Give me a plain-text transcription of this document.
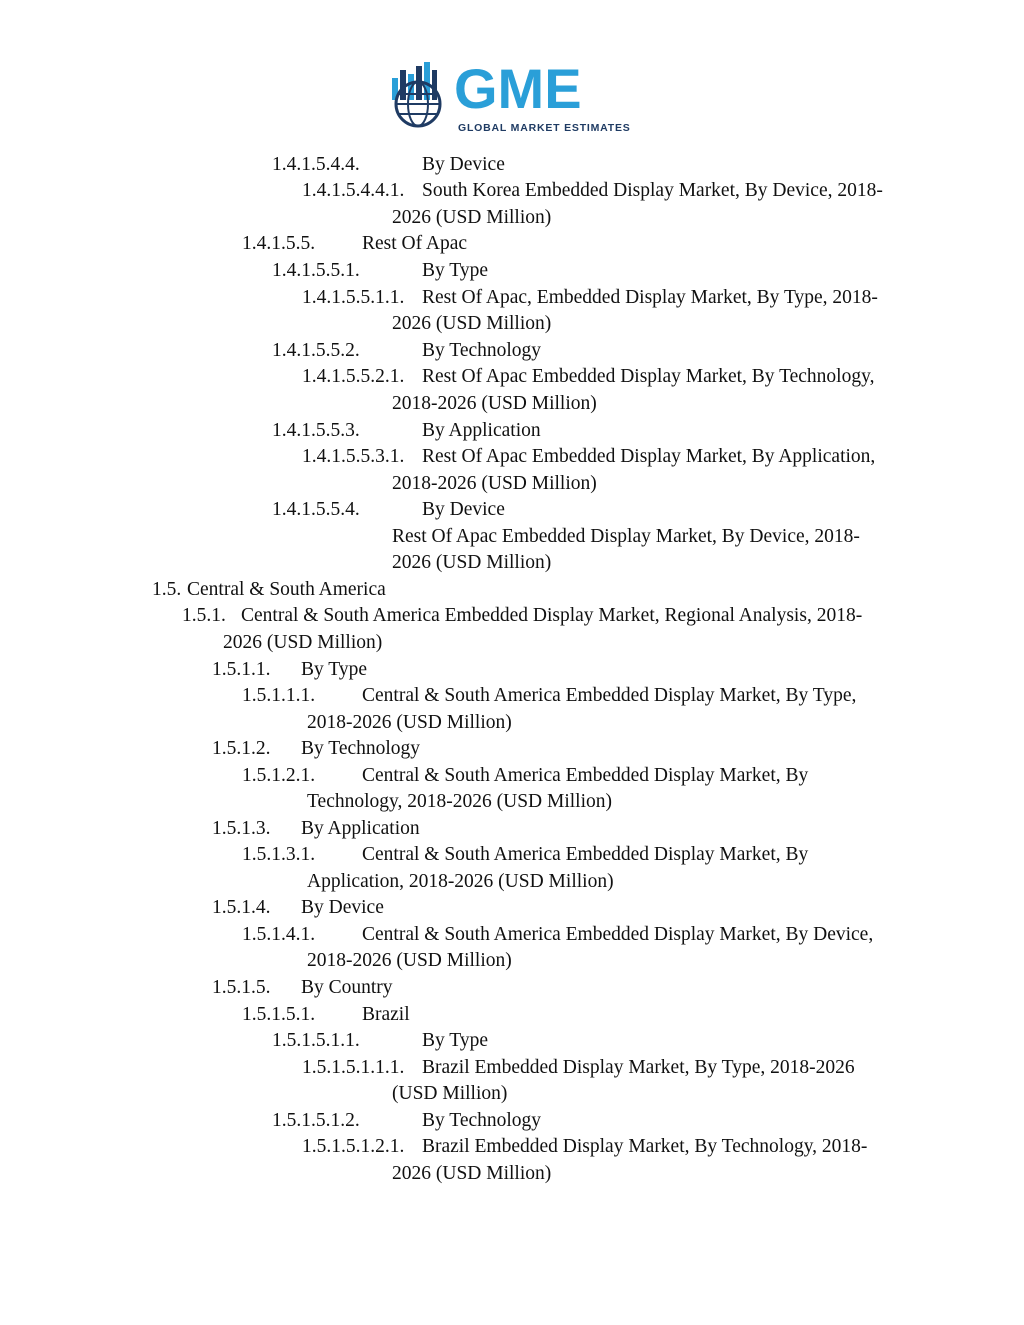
GME
GLOBAL MARKET ESTIMATES
1.4.1.5.4.4.	By Device
1.4.1.5.4.4.1. South Korea Embedded Display Market, By Device, 2018-
2026 (USD Million)
1.4.1.5.5. Rest Of Apac
1.4.1.5.5.1.	By Type
1.4.1.5.5.1.1. Rest Of Apac, Embedded Display Market, By Type, 2018-
2026 (USD Million)
1.4.1.5.5.2.	By Technology
1.4.1.5.5.2.1. Rest Of Apac Embedded Display Market, By Technology,
2018-2026 (USD Million)
1.4.1.5.5.3.	By Application
1.4.1.5.5.3.1. Rest Of Apac Embedded Display Market, By Application,
2018-2026 (USD Million)
1.4.1.5.5.4.	By Device
Rest Of Apac Embedded Display Market, By Device, 2018-
2026 (USD Million)
1.5. Central & South America
1.5.1. Central & South America Embedded Display Market, Regional Analysis, 2018-
2026 (USD Million)
1.5.1.1. By Type
1.5.1.1.1. Central & South America Embedded Display Market, By Type,
2018-2026 (USD Million)
1.5.1.2. By Technology
1.5.1.2.1. Central & South America Embedded Display Market, By
Technology, 2018-2026 (USD Million)
1.5.1.3. By Application
1.5.1.3.1. Central & South America Embedded Display Market, By
Application, 2018-2026 (USD Million)
1.5.1.4. By Device
1.5.1.4.1. Central & South America Embedded Display Market, By Device,
2018-2026 (USD Million)
1.5.1.5. By Country
1.5.1.5.1. Brazil
1.5.1.5.1.1.	By Type
1.5.1.5.1.1.1. Brazil Embedded Display Market, By Type, 2018-2026
(USD Million)
1.5.1.5.1.2.	By Technology
1.5.1.5.1.2.1. Brazil Embedded Display Market, By Technology, 2018-
2026 (USD Million)
